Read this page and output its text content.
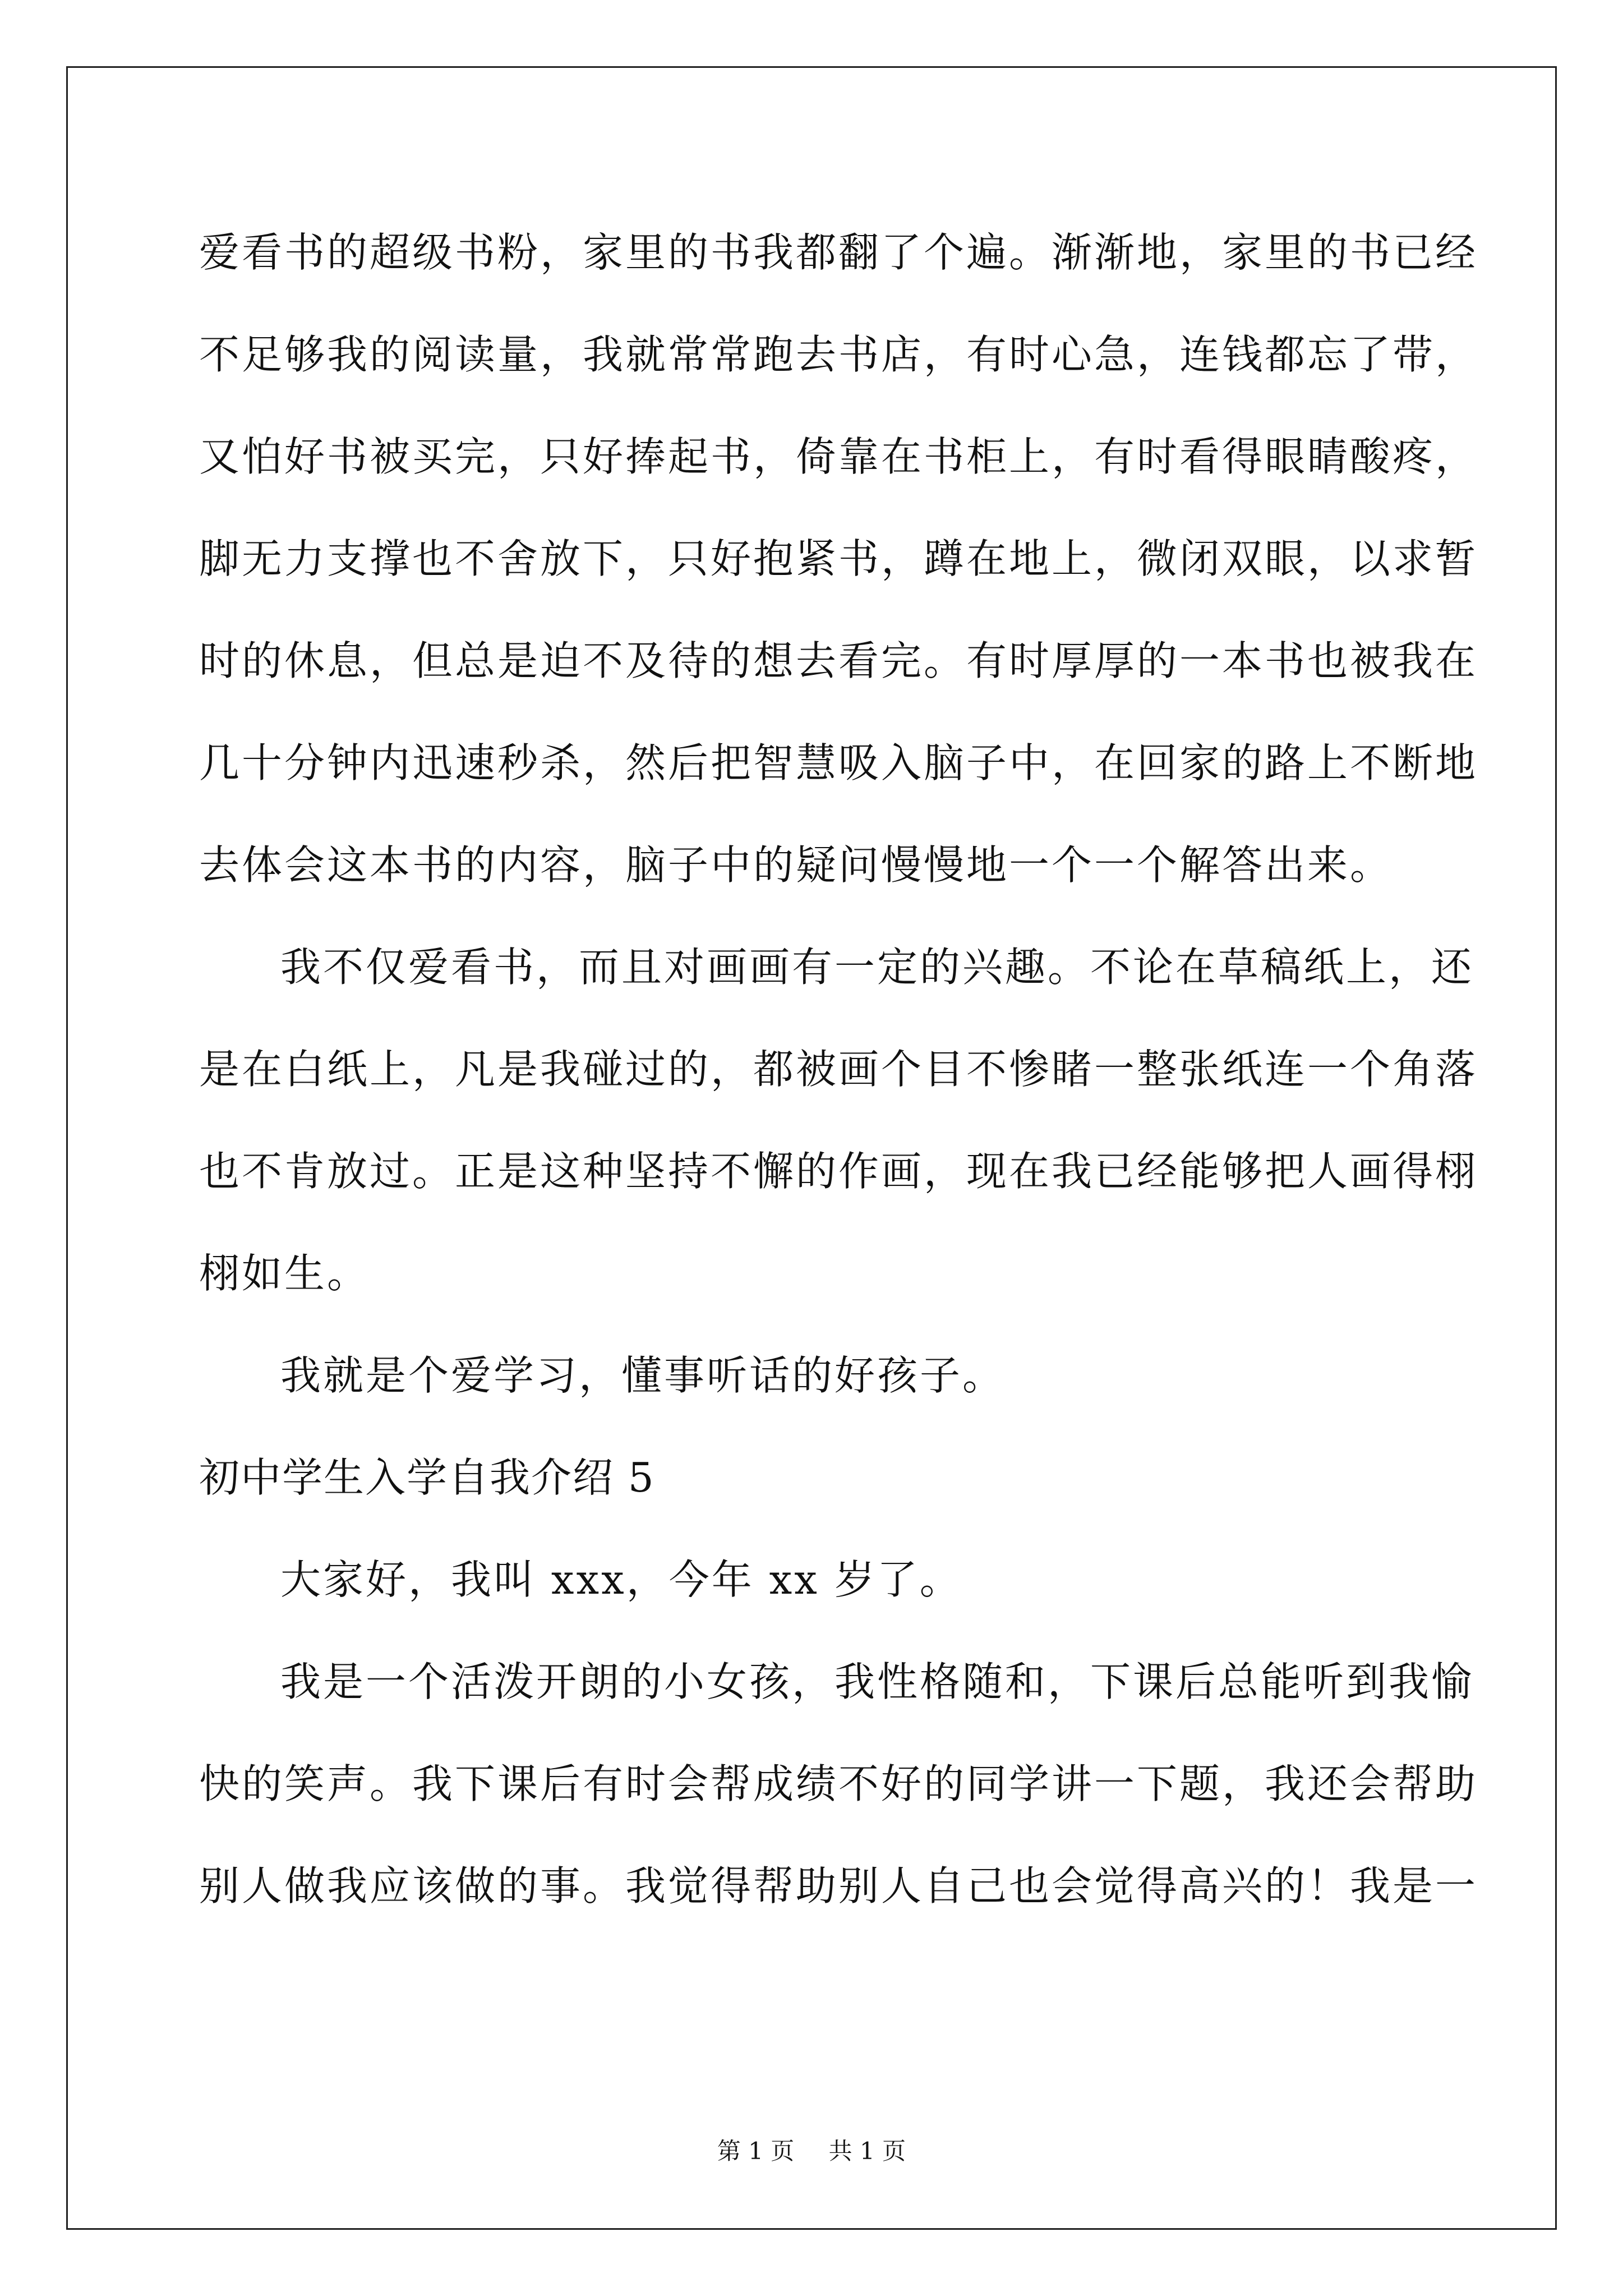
爱看书的超级书粉，家里的书我都翻了个遍。渐渐地，家里的书已经
不足够我的阅读量，我就常常跑去书店，有时心急，连钱都忘了带，
又怕好书被买完，只好捧起书，倚靠在书柜上，有时看得眼睛酸疼，
脚无力支撑也不舍放下，只好抱紧书，蹲在地上，微闭双眼，以求暂
时的休息，但总是迫不及待的想去看完。有时厚厚的一本书也被我在
几十分钟内迅速秒杀，然后把智慧吸入脑子中，在回家的路上不断地
去体会这本书的内容，脑子中的疑问慢慢地一个一个解答出来。
我不仅爱看书，而且对画画有一定的兴趣。不论在草稿纸上，还
是在白纸上，凡是我碰过的，都被画个目不惨睹一整张纸连一个角落
也不肯放过。正是这种坚持不懈的作画，现在我已经能够把人画得栩
栩如生。
我就是个爱学习，懂事听话的好孩子。
初中学生入学自我介绍 5
大家好，我叫 xxx，今年 xx 岁了。
我是一个活泼开朗的小女孩，我性格随和，下课后总能听到我愉
快的笑声。我下课后有时会帮成绩不好的同学讲一下题，我还会帮助
别人做我应该做的事。我觉得帮助别人自己也会觉得高兴的！我是一
第 1 页 共 1 页
